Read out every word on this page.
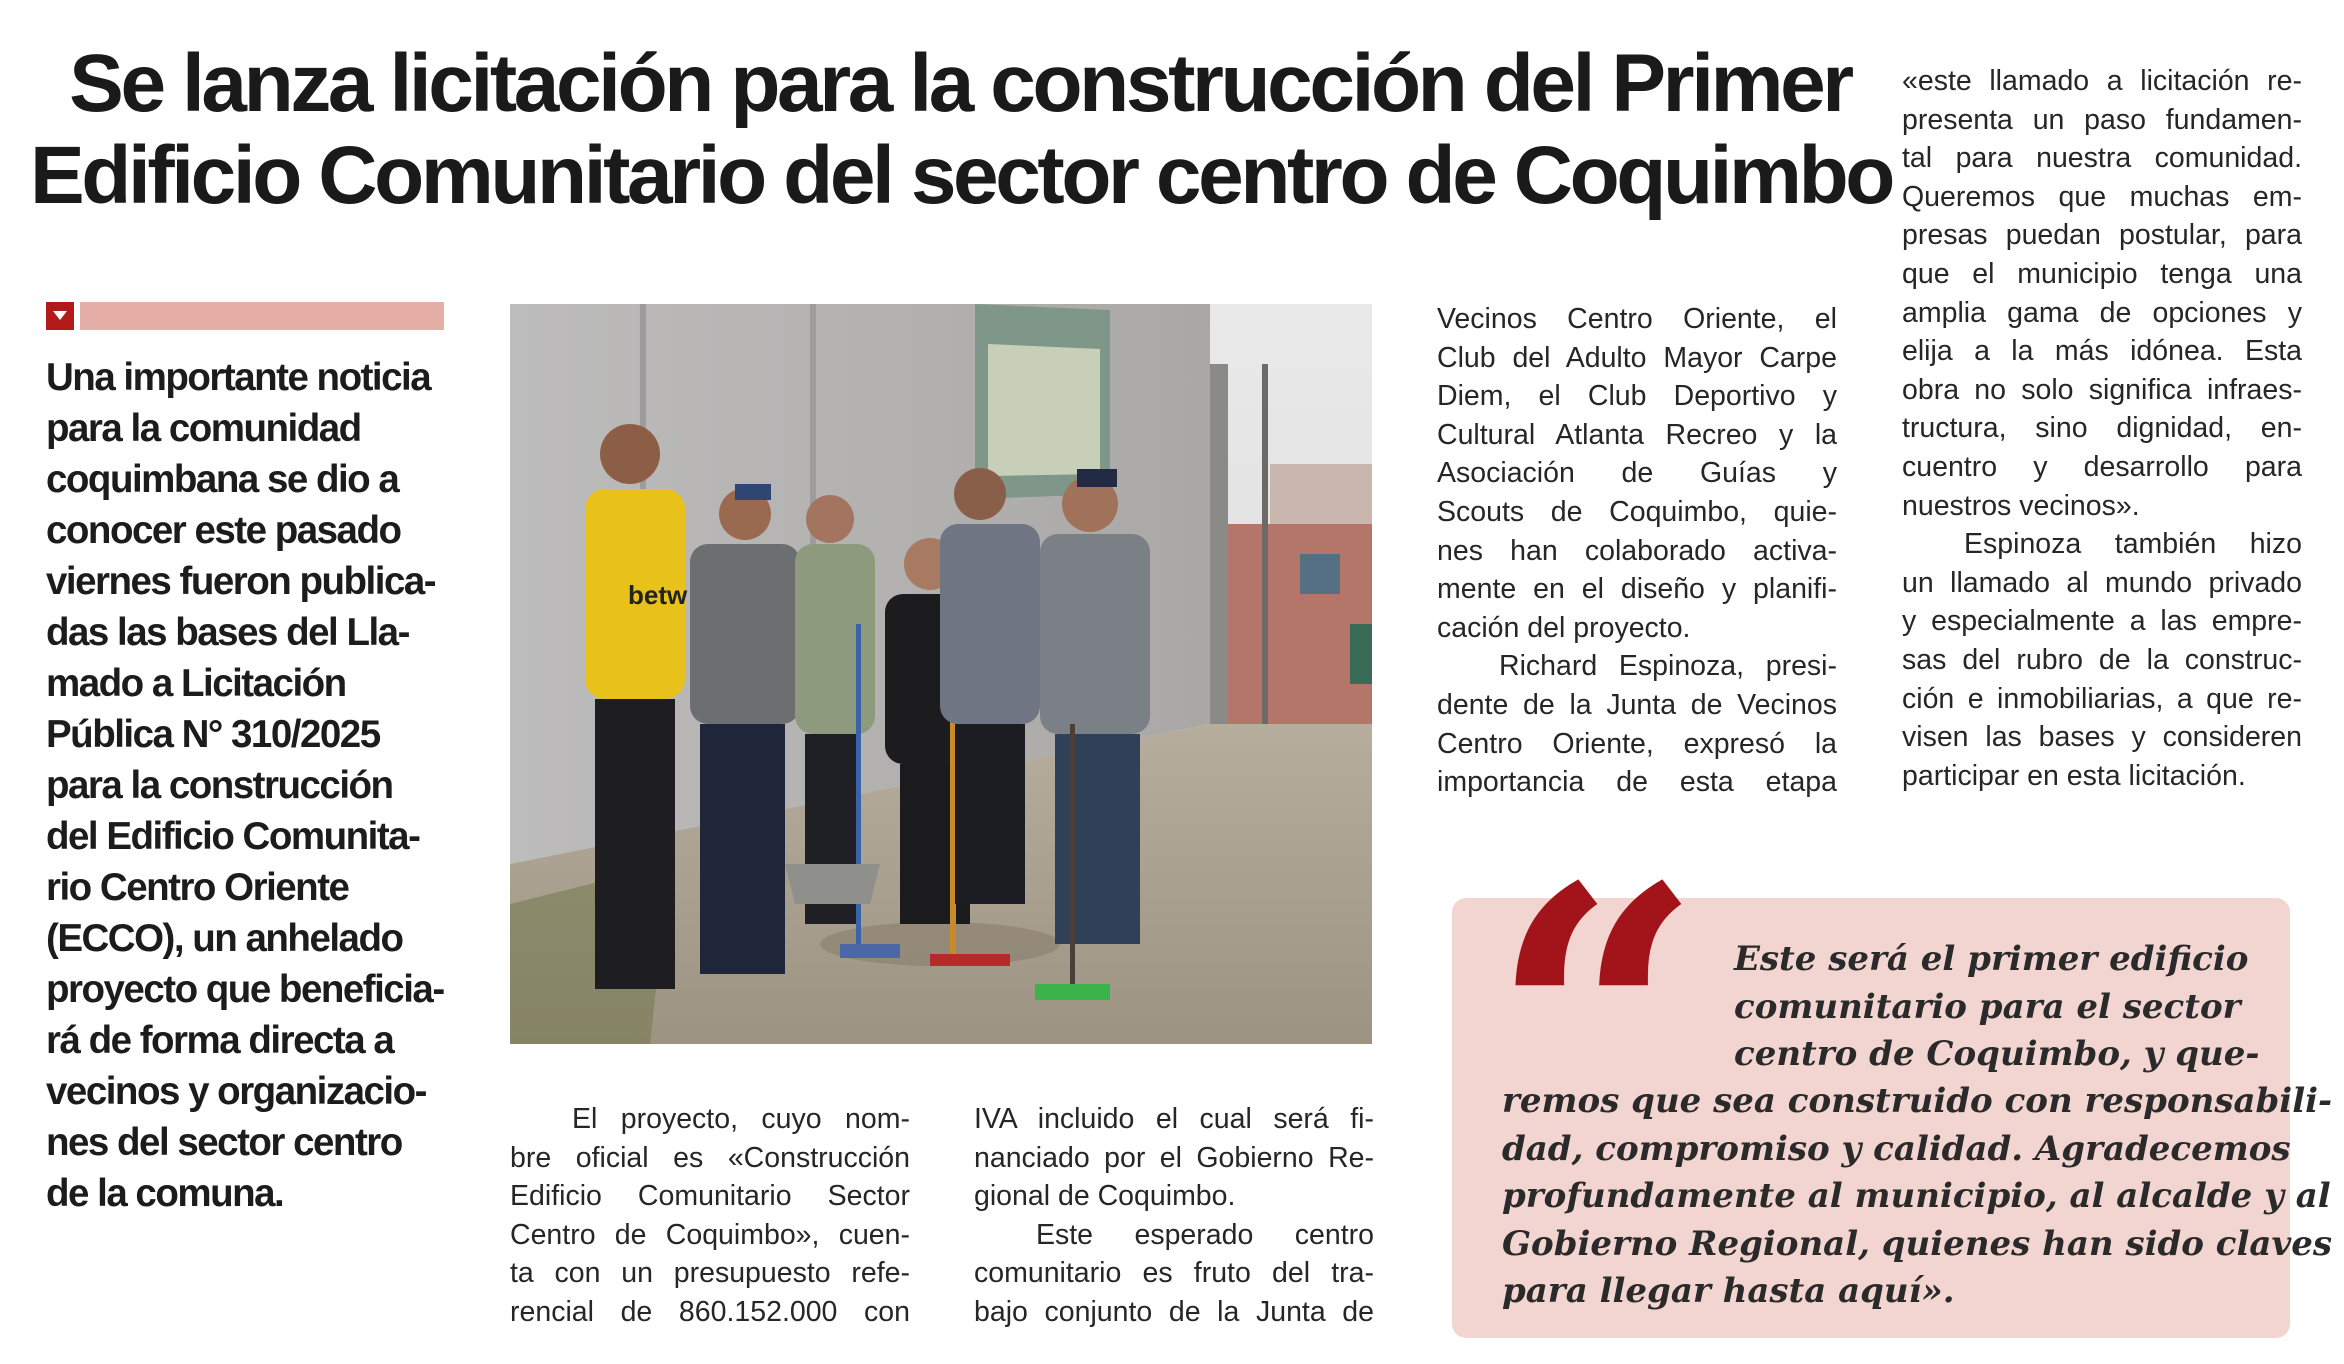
Se lanza licitación para la construcción del Primer
Edificio Comunitario del sector centro de Coquimbo
Una importante noticia
para la comunidad
coquimbana se dio a
conocer este pasado
viernes fueron publica-
das las bases del Lla-
mado a Licitación
Pública N° 310/2025
para la construcción
del Edificio Comunita-
rio Centro Oriente
(ECCO), un anhelado
proyecto que beneficia-
rá de forma directa a
vecinos y organizacio-
nes del sector centro
de la comuna.
betw
El proyecto, cuyo nom-
bre oficial es «Construcción
Edificio Comunitario Sector
Centro de Coquimbo», cuen-
ta con un presupuesto refe-
rencial de 860.152.000 con
IVA incluido el cual será fi-
nanciado por el Gobierno Re-
gional de Coquimbo.
Este esperado centro
comunitario es fruto del tra-
bajo conjunto de la Junta de
Vecinos Centro Oriente, el
Club del Adulto Mayor Carpe
Diem, el Club Deportivo y
Cultural Atlanta Recreo y la
Asociación de Guías y
Scouts de Coquimbo, quie-
nes han colaborado activa-
mente en el diseño y planifi-
cación del proyecto.
Richard Espinoza, presi-
dente de la Junta de Vecinos
Centro Oriente, expresó la
importancia de esta etapa
«este llamado a licitación re-
presenta un paso fundamen-
tal para nuestra comunidad.
Queremos que muchas em-
presas puedan postular, para
que el municipio tenga una
amplia gama de opciones y
elija a la más idónea. Esta
obra no solo significa infraes-
tructura, sino dignidad, en-
cuentro y desarrollo para
nuestros vecinos».
Espinoza también hizo
un llamado al mundo privado
y especialmente a las empre-
sas del rubro de la construc-
ción e inmobiliarias, a que re-
visen las bases y consideren
participar en esta licitación.
“ Este será el primer edificio
comunitario para el sector
centro de Coquimbo, y que-
remos que sea construido con responsabili-
dad, compromiso y calidad. Agradecemos
profundamente al municipio, al alcalde y al
Gobierno Regional, quienes han sido claves
para llegar hasta aquí».
